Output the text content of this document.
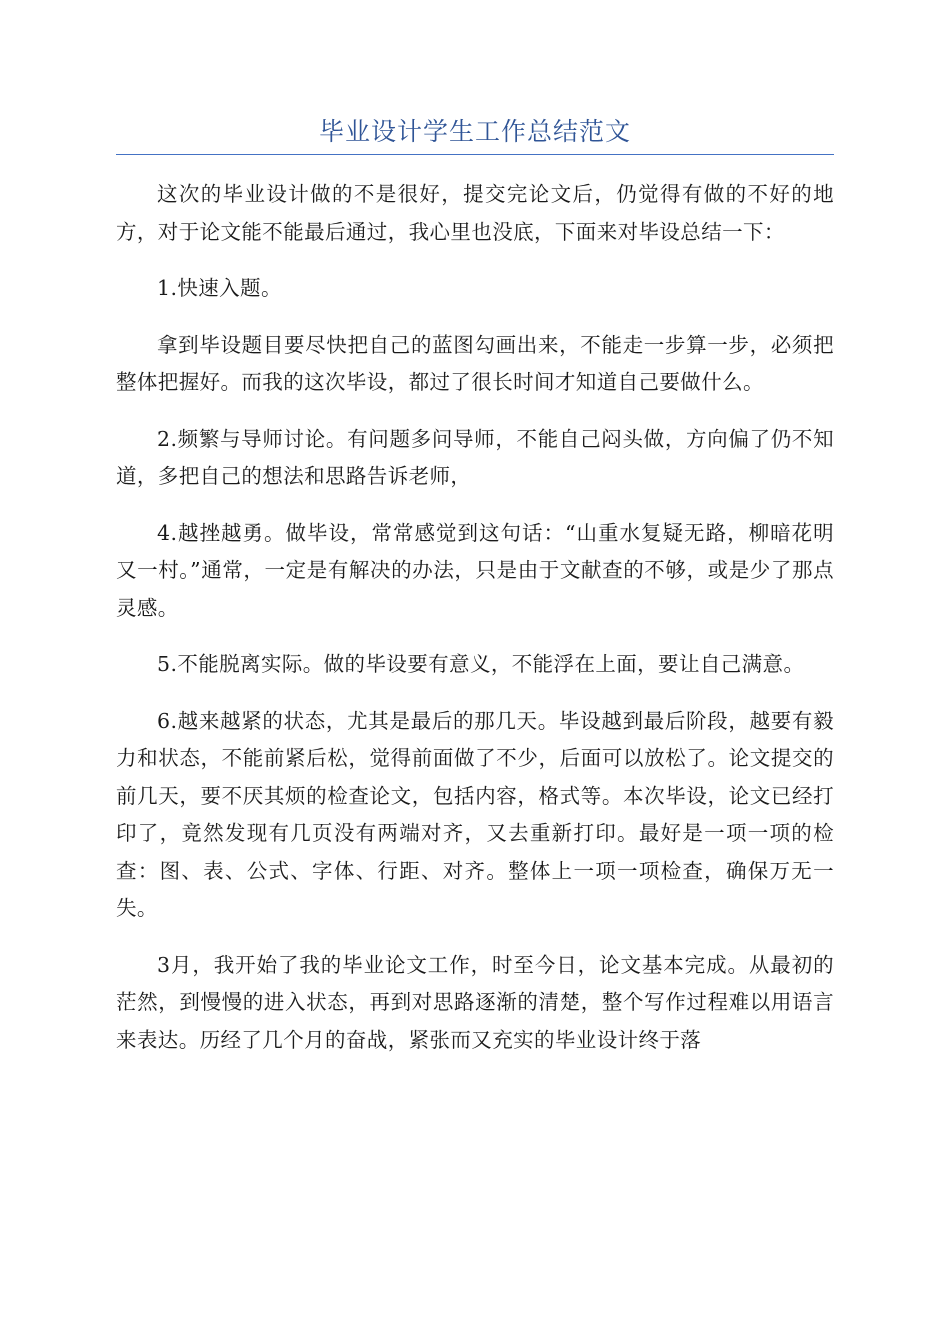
毕业设计学生工作总结范文

这次的毕业设计做的不是很好，提交完论文后，仍觉得有做的不好的地方，对于论文能不能最后通过，我心里也没底，下面来对毕设总结一下：

1.快速入题。

拿到毕设题目要尽快把自己的蓝图勾画出来，不能走一步算一步，必须把整体把握好。而我的这次毕设，都过了很长时间才知道自己要做什么。

2.频繁与导师讨论。有问题多问导师，不能自己闷头做，方向偏了仍不知道，多把自己的想法和思路告诉老师，

4.越挫越勇。做毕设，常常感觉到这句话：“山重水复疑无路，柳暗花明又一村。”通常，一定是有解决的办法，只是由于文献查的不够，或是少了那点灵感。

5.不能脱离实际。做的毕设要有意义，不能浮在上面，要让自己满意。

6.越来越紧的状态，尤其是最后的那几天。毕设越到最后阶段，越要有毅力和状态，不能前紧后松，觉得前面做了不少，后面可以放松了。论文提交的前几天，要不厌其烦的检查论文，包括内容，格式等。本次毕设，论文已经打印了，竟然发现有几页没有两端对齐，又去重新打印。最好是一项一项的检查：图、表、公式、字体、行距、对齐。整体上一项一项检查，确保万无一失。

3月，我开始了我的毕业论文工作，时至今日，论文基本完成。从最初的茫然，到慢慢的进入状态，再到对思路逐渐的清楚，整个写作过程难以用语言来表达。历经了几个月的奋战，紧张而又充实的毕业设计终于落
